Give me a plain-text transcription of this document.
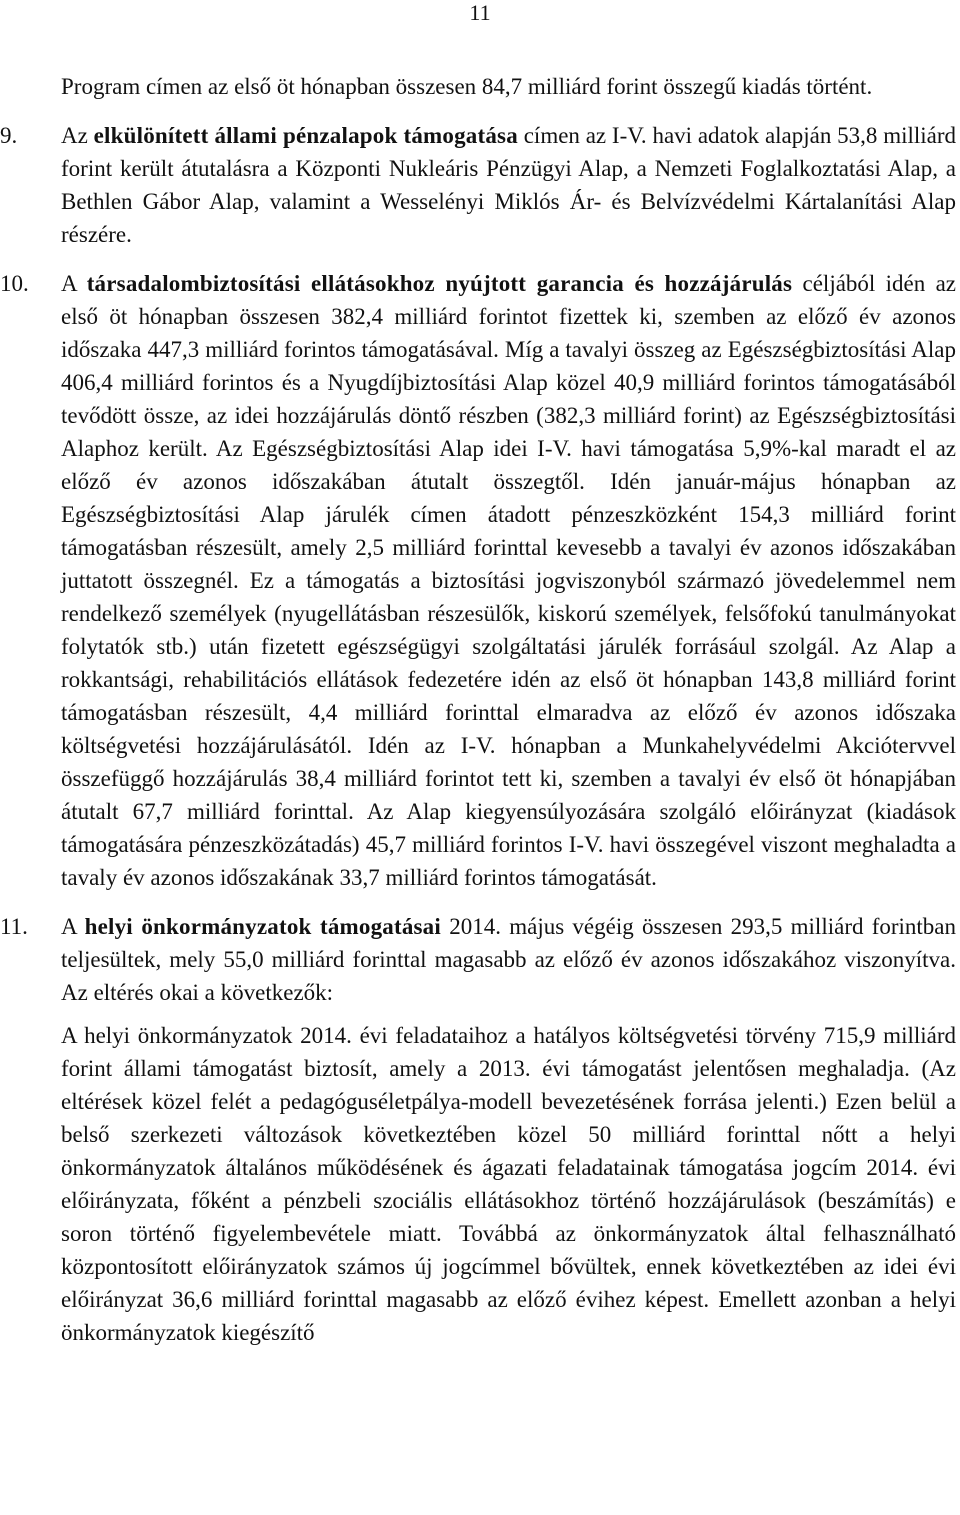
11

Program címen az első öt hónapban összesen 84,7 milliárd forint összegű kiadás történt.

9.	Az elkülönített állami pénzalapok támogatása címen az I-V. havi adatok alapján 53,8 milliárd forint került átutalásra a Központi Nukleáris Pénzügyi Alap, a Nemzeti Foglalkoztatási Alap, a Bethlen Gábor Alap, valamint a Wesselényi Miklós Ár- és Belvízvédelmi Kártalanítási Alap részére.

10.	A társadalombiztosítási ellátásokhoz nyújtott garancia és hozzájárulás céljából idén az első öt hónapban összesen 382,4 milliárd forintot fizettek ki, szemben az előző év azonos időszaka 447,3 milliárd forintos támogatásával. Míg a tavalyi összeg az Egészségbiztosítási Alap 406,4 milliárd forintos és a Nyugdíjbiztosítási Alap közel 40,9 milliárd forintos támogatásából tevődött össze, az idei hozzájárulás döntő részben (382,3 milliárd forint) az Egészségbiztosítási Alaphoz került. Az Egészségbiztosítási Alap idei I-V. havi támogatása 5,9%-kal maradt el az előző év azonos időszakában átutalt összegtől. Idén január-május hónapban az Egészségbiztosítási Alap járulék címen átadott pénzeszközként 154,3 milliárd forint támogatásban részesült, amely 2,5 milliárd forinttal kevesebb a tavalyi év azonos időszakában juttatott összegnél. Ez a támogatás a biztosítási jogviszonyból származó jövedelemmel nem rendelkező személyek (nyugellátásban részesülők, kiskorú személyek, felsőfokú tanulmányokat folytatók stb.) után fizetett egészségügyi szolgáltatási járulék forrásául szolgál. Az Alap a rokkantsági, rehabilitációs ellátások fedezetére idén az első öt hónapban 143,8 milliárd forint támogatásban részesült, 4,4 milliárd forinttal elmaradva az előző év azonos időszaka költségvetési hozzájárulásától. Idén az I-V. hónapban a Munkahelyvédelmi Akciótervvel összefüggő hozzájárulás 38,4 milliárd forintot tett ki, szemben a tavalyi év első öt hónapjában átutalt 67,7 milliárd forinttal. Az Alap kiegyensúlyozására szolgáló előirányzat (kiadások támogatására pénzeszközátadás) 45,7 milliárd forintos I-V. havi összegével viszont meghaladta a tavaly év azonos időszakának 33,7 milliárd forintos támogatását.

11.	A helyi önkormányzatok támogatásai 2014. május végéig összesen 293,5 milliárd forintban teljesültek, mely 55,0 milliárd forinttal magasabb az előző év azonos időszakához viszonyítva. Az eltérés okai a következők:

A helyi önkormányzatok 2014. évi feladataihoz a hatályos költségvetési törvény 715,9 milliárd forint állami támogatást biztosít, amely a 2013. évi támogatást jelentősen meghaladja. (Az eltérések közel felét a pedagóguséletpálya-modell bevezetésének forrása jelenti.) Ezen belül a belső szerkezeti változások következtében közel 50 milliárd forinttal nőtt a helyi önkormányzatok általános működésének és ágazati feladatainak támogatása jogcím 2014. évi előirányzata, főként a pénzbeli szociális ellátásokhoz történő hozzájárulások (beszámítás) e soron történő figyelembevétele miatt. Továbbá az önkormányzatok által felhasználható központosított előirányzatok számos új jogcímmel bővültek, ennek következtében az idei évi előirányzat 36,6 milliárd forinttal magasabb az előző évihez képest. Emellett azonban a helyi önkormányzatok kiegészítő
